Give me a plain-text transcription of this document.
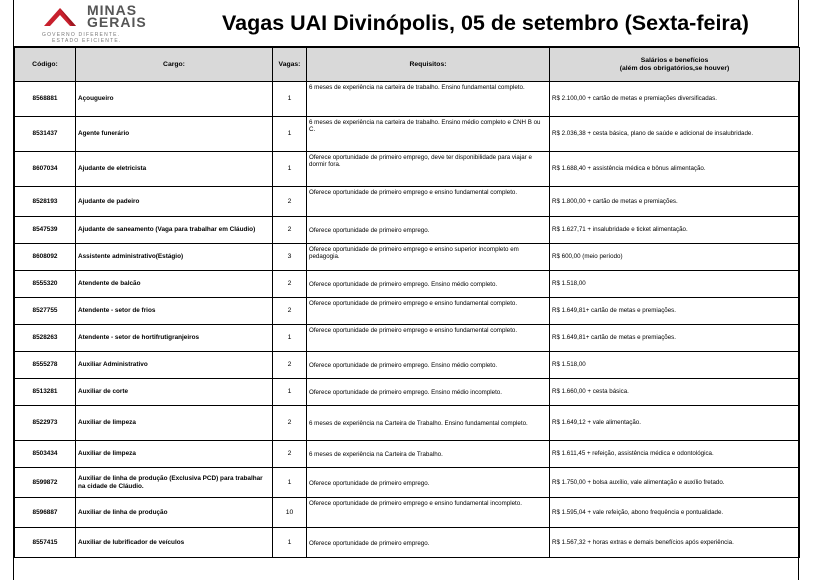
MINAS
GERAIS
GOVERNO DIFERENTE.
ESTADO EFICIENTE.
Vagas UAI Divinópolis, 05 de setembro (Sexta-feira)
Código:	Cargo:	Vagas:	Requisitos:	Salários e benefícios
(além dos obrigatórios,se houver)

8568881	Açougueiro	1	6 meses de experiência na carteira de trabalho. Ensino fundamental completo.	R$ 2.100,00 + cartão de metas e premiações diversificadas.
8531437	Agente funerário	1	6 meses de experiência na carteira de trabalho. Ensino médio completo e CNH B ou C.	R$ 2.036,38 + cesta básica, plano de saúde e adicional de insalubridade.
8607034	Ajudante de eletricista	1	Oferece oportunidade de primeiro emprego, deve ter disponibilidade para viajar e dormir fora.	R$ 1.688,40 + assistência médica e bônus alimentação.
8528193	Ajudante de padeiro	2	Oferece oportunidade de primeiro emprego e ensino fundamental completo.	R$ 1.800,00 + cartão de metas e premiações.
8547539	Ajudante de saneamento (Vaga para trabalhar em Cláudio)	2	Oferece oportunidade de primeiro emprego.	R$ 1.627,71 + insalubridade e ticket alimentação.
8608092	Assistente administrativo(Estágio)	3	Oferece oportunidade de primeiro emprego e ensino superior incompleto em pedagogia.	R$ 600,00 (meio período)
8555320	Atendente de balcão	2	Oferece oportunidade de primeiro emprego. Ensino médio completo.	R$ 1.518,00
8527755	Atendente - setor de frios	2	Oferece oportunidade de primeiro emprego e ensino fundamental completo.	R$ 1.649,81+ cartão de metas e premiações.
8528263	Atendente - setor de hortifrutigranjeiros	1	Oferece oportunidade de primeiro emprego e ensino fundamental completo.	R$ 1.649,81+ cartão de metas e premiações.
8555278	Auxiliar Administrativo	2	Oferece oportunidade de primeiro emprego. Ensino médio completo.	R$ 1.518,00
8513281	Auxiliar de corte	1	Oferece oportunidade de primeiro emprego. Ensino médio incompleto.	R$ 1.660,00 + cesta básica.
8522973	Auxiliar de limpeza	2	6 meses de experiência na Carteira de Trabalho. Ensino fundamental completo.	R$ 1.649,12 + vale alimentação.
8503434	Auxiliar de limpeza	2	6 meses de experiência na Carteira de Trabalho.	R$ 1.611,45 + refeição, assistência médica e odontológica.
8599872	Auxiliar de linha de produção (Exclusiva PCD) para trabalhar na cidade de Cláudio.	1	Oferece oportunidade de primeiro emprego.	R$ 1.750,00 + bolsa auxílio, vale alimentação e auxílio fretado.
8596887	Auxiliar de linha de produção	10	Oferece oportunidade de primeiro emprego e ensino fundamental incompleto.	R$ 1.595,04 + vale refeição, abono frequência e pontualidade.
8557415	Auxiliar de lubrificador de veículos	1	Oferece oportunidade de primeiro emprego.	R$ 1.567,32 + horas extras e demais benefícios após experiência.
